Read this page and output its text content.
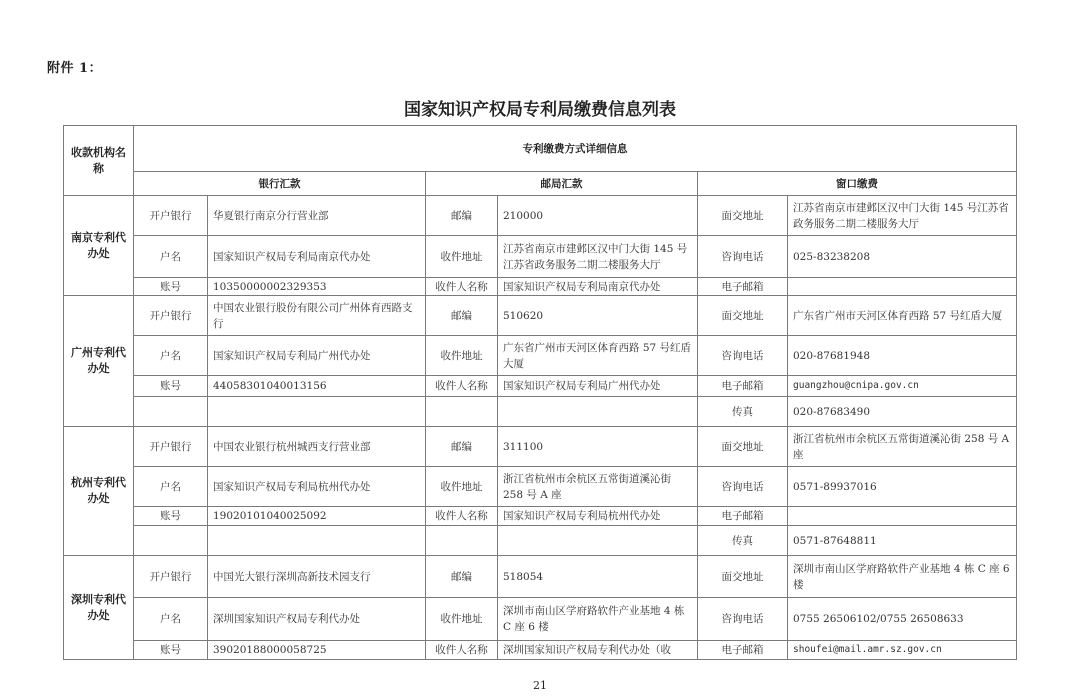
附件 1：
国家知识产权局专利局缴费信息列表
收款机构名称	专利缴费方式详细信息					
	银行汇款		邮局汇款		窗口缴费	
南京专利代办处	开户银行	华夏银行南京分行营业部	邮编	210000	面交地址	江苏省南京市建邺区汉中门大街 145 号江苏省政务服务二期二楼服务大厅
	户名	国家知识产权局专利局南京代办处	收件地址	江苏省南京市建邺区汉中门大街 145 号江苏省政务服务二期二楼服务大厅	咨询电话	025-83238208
	账号	10350000002329353	收件人名称	国家知识产权局专利局南京代办处	电子邮箱	
广州专利代办处	开户银行	中国农业银行股份有限公司广州体育西路支行	邮编	510620	面交地址	广东省广州市天河区体育西路 57 号红盾大厦
	户名	国家知识产权局专利局广州代办处	收件地址	广东省广州市天河区体育西路 57 号红盾大厦	咨询电话	020-87681948
	账号	44058301040013156	收件人名称	国家知识产权局专利局广州代办处	电子邮箱	guangzhou@cnipa.gov.cn
					传真	020-87683490
杭州专利代办处	开户银行	中国农业银行杭州城西支行营业部	邮编	311100	面交地址	浙江省杭州市余杭区五常街道溪沁街 258 号 A 座
	户名	国家知识产权局专利局杭州代办处	收件地址	浙江省杭州市余杭区五常街道溪沁街 258 号 A 座	咨询电话	0571-89937016
	账号	19020101040025092	收件人名称	国家知识产权局专利局杭州代办处	电子邮箱	
					传真	0571-87648811
深圳专利代办处	开户银行	中国光大银行深圳高新技术园支行	邮编	518054	面交地址	深圳市南山区学府路软件产业基地 4 栋 C 座 6 楼
	户名	深圳国家知识产权局专利代办处	收件地址	深圳市南山区学府路软件产业基地 4 栋 C 座 6 楼	咨询电话	0755 26506102/0755 26508633
	账号	39020188000058725	收件人名称	深圳国家知识产权局专利代办处（收	电子邮箱	shoufei@mail.amr.sz.gov.cn
21
